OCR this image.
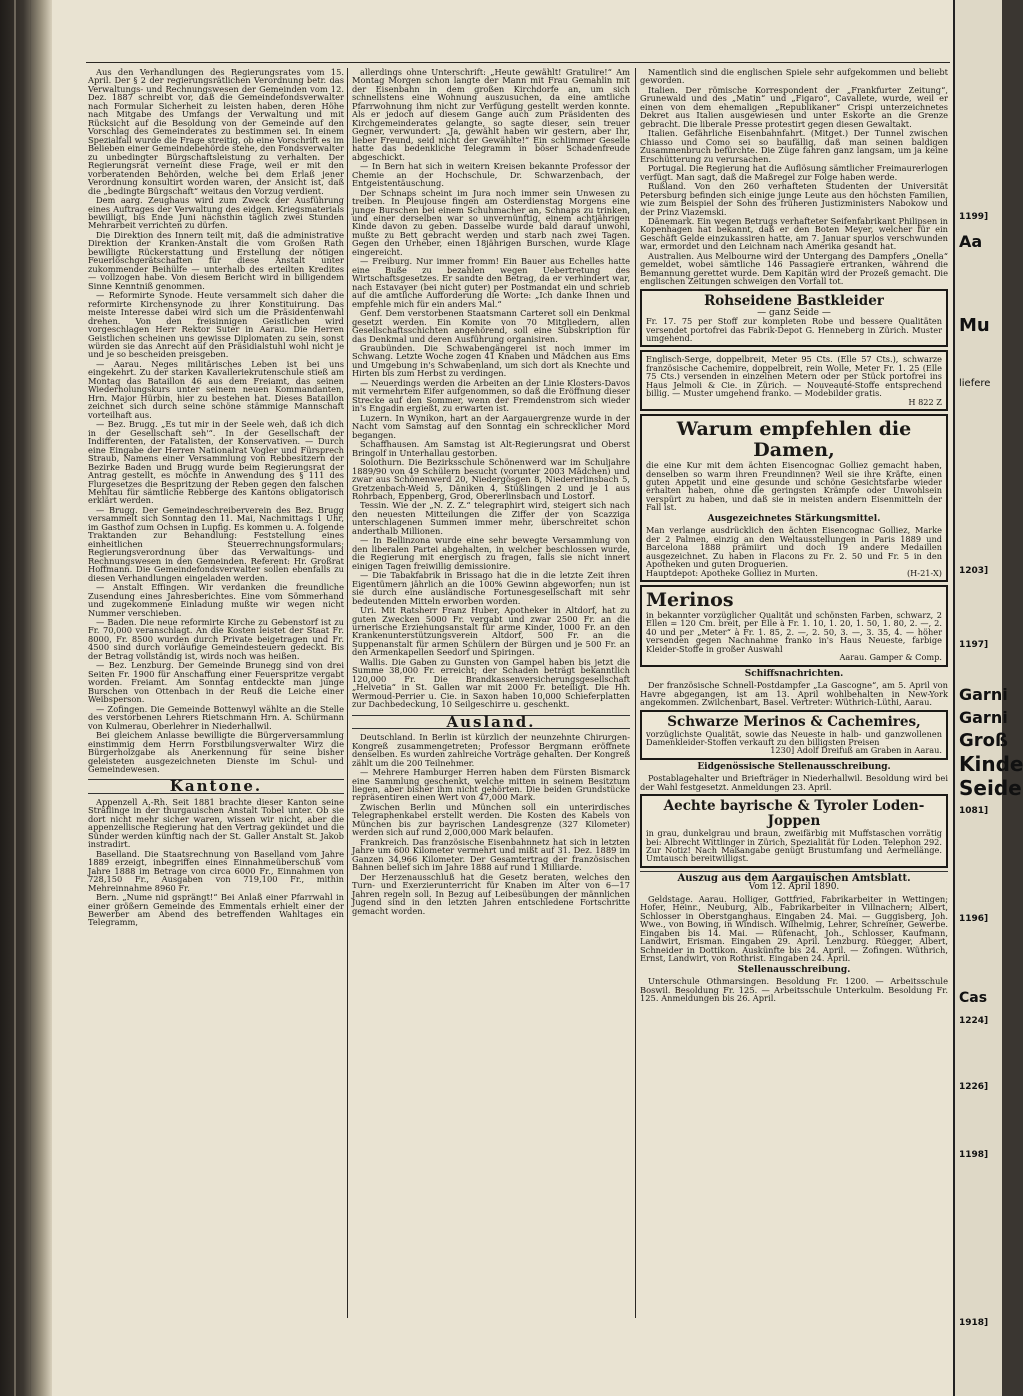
Aus den Verhandlungen des Regierungsrates vom 15. April. Der § 2 der regierungsrätlichen Verordnung betr. das Verwaltungs- und Rechnungswesen der Gemeinden vom 12. Dez. 1887 schreibt vor, daß die Gemeindefondsverwalter nach Formular Sicherheit zu leisten haben, deren Höhe nach Mitgabe des Umfangs der Verwaltung und mit Rücksicht auf die Besoldung von der Gemeinde auf den Vorschlag des Gemeinderates zu bestimmen sei. In einem Spezialfall wurde die Frage streitig, ob eine Vorschrift es im Belieben einer Gemeindebehörde stehe, den Fondsverwalter zu unbedingter Bürgschaftsleistung zu verhalten. Der Regierungsrat verneint diese Frage, weil er mit den vorberatenden Behörden, welche bei dem Erlaß jener Verordnung konsultirt worden waren, der Ansicht ist, daß die „bedingte Bürgschaft“ weitaus den Vorzug verdient.

Dem aarg. Zeughaus wird zum Zweck der Ausführung eines Auftrages der Verwaltung des eidgen. Kriegsmaterials bewilligt, bis Ende Juni nächsthin täglich zwei Stunden Mehrarbeit verrichten zu dürfen.

Die Direktion des Innern teilt mit, daß die administrative Direktion der Kranken-Anstalt die vom Großen Rath bewilligte Rückerstattung und Erstellung der nötigen Feuerlöschgerätschaften für diese Anstalt unter zukommender Beihülfe — unterhalb des erteilten Kredites — vollzogen habe. Von diesem Bericht wird in billigendem Sinne Kenntniß genommen.

— Reformirte Synode. Heute versammelt sich daher die reformirte Kirchensynode zu ihrer Konstituirung. Das meiste Interesse dabei wird sich um die Präsidentenwahl drehen. Von den freisinnigen Geistlichen wird vorgeschlagen Herr Rektor Suter in Aarau. Die Herren Geistlichen scheinen uns gewisse Diplomaten zu sein, sonst würden sie das Anrecht auf den Präsidialstuhl wohl nicht je und je so bescheiden preisgeben.

— Aarau. Neges militärisches Leben ist bei uns eingekehrt. Zu der starken Kavalleriekrutenschule stieß am Montag das Bataillon 46 aus dem Freiamt, das seinen Wiederholungskurs unter seinem neuen Kommandanten, Hrn. Major Hürbin, hier zu bestehen hat. Dieses Bataillon zeichnet sich durch seine schöne stämmige Mannschaft vorteilhaft aus.

— Bez. Brugg. „Es tut mir in der Seele weh, daß ich dich in der Gesellschaft seh'“. In der Gesellschaft der Indifferenten, der Fatalisten, der Konservativen. — Durch eine Eingabe der Herren Nationalrat Vogler und Fürsprech Straub, Namens einer Versammlung von Rebbesitzern der Bezirke Baden und Brugg wurde beim Regierungsrat der Antrag gestellt, es möchte in Anwendung des § 111 des Flurgesetzes die Bespritzung der Reben gegen den falschen Mehltau für sämtliche Rebberge des Kantons obligatorisch erklärt werden.

— Brugg. Der Gemeindeschreiberverein des Bez. Brugg versammelt sich Sonntag den 11. Mai, Nachmittags 1 Uhr, im Gasthof zum Ochsen in Lupfig. Es kommen u. A. folgende Traktanden zur Behandlung: Feststellung eines einheitlichen Steuerrechnungsformulars; Regierungsverordnung über das Verwaltungs- und Rechnungswesen in den Gemeinden. Referent: Hr. Großrat Hoffmann. Die Gemeindefondsverwalter sollen ebenfalls zu diesen Verhandlungen eingeladen werden.

— Anstalt Effingen. Wir verdanken die freundliche Zusendung eines Jahresberichtes. Eine vom Sömmerhand und zugekommene Einladung mußte wir wegen nicht Nummer verschieben.

— Baden. Die neue reformirte Kirche zu Gebenstorf ist zu Fr. 70,000 veranschlagt. An die Kosten leistet der Staat Fr. 8000, Fr. 8500 wurden durch Private beigetragen und Fr. 4500 sind durch vorläufige Gemeindesteuern gedeckt. Bis der Betrag vollständig ist, wirds noch was heißen.

— Bez. Lenzburg. Der Gemeinde Brunegg sind von drei Seiten Fr. 1900 für Anschaffung einer Feuerspritze vergabt worden. Freiamt. Am Sonntag entdeckte man junge Burschen von Ottenbach in der Reuß die Leiche einer Weibsperson.

— Zofingen. Die Gemeinde Bottenwyl wählte an die Stelle des verstorbenen Lehrers Rietschmann Hrn. A. Schürmann von Kulmerau, Oberlehrer in Niederhallwil.

Bei gleichem Anlasse bewilligte die Bürgerversammlung einstimmig dem Herrn Forstbilungsverwalter Wirz die Bürgerholzgabe als Anerkennung für seine bisher geleisteten ausgezeichneten Dienste im Schul- und Gemeindewesen.

Kantone.

Appenzell A.-Rh. Seit 1881 brachte dieser Kanton seine Sträflinge in der thurgauischen Anstalt Tobel unter. Ob sie dort nicht mehr sicher waren, wissen wir nicht, aber die appenzellische Regierung hat den Vertrag gekündet und die Sünder werden künftig nach der St. Galler Anstalt St. Jakob instradirt.

Baselland. Die Staatsrechnung von Baselland vom Jahre 1889 erzeigt, inbegriffen eines Einnahmeüberschuß vom Jahre 1888 im Betrage von circa 6000 Fr., Einnahmen von 728,150 Fr., Ausgaben von 719,100 Fr., mithin Mehreinnahme 8960 Fr.

Bern. „Nume nid gsprängt!“ Bei Anlaß einer Pfarrwahl in einer größern Gemeinde des Emmentals erhielt einer der Bewerber am Abend des betreffenden Wahltages ein Telegramm,

allerdings ohne Unterschrift: „Heute gewählt! Gratulire!“ Am Montag Morgen schon langte der Mann mit Frau Gemahlin mit der Eisenbahn in dem großen Kirchdorfe an, um sich schnellstens eine Wohnung auszusuchen, da eine amtliche Pfarrwohnung ihm nicht zur Verfügung gestellt werden konnte. Als er jedoch auf diesem Gange auch zum Präsidenten des Kirchgemeinderates gelangte, so sagte dieser, sein treuer Gegner, verwundert: „Ja, gewählt haben wir gestern, aber Ihr, lieber Freund, seid nicht der Gewählte!“ Ein schlimmer Geselle hatte das bedenkliche Telegramm in böser Schadenfreude abgeschickt.

— In Bern hat sich in weitern Kreisen bekannte Professor der Chemie an der Hochschule, Dr. Schwarzenbach, der Entgeistentäuschung.

Der Schnaps scheint im Jura noch immer sein Unwesen zu treiben. In Pleujouse fingen am Osterdienstag Morgens eine junge Burschen bei einem Schuhmacher an, Schnaps zu trinken, und einer derselben war so unvernünftig, einem achtjährigen Kinde davon zu geben. Dasselbe wurde bald darauf unwohl, mußte zu Bett gebracht werden und starb nach zwei Tagen. Gegen den Urheber, einen 18jährigen Burschen, wurde Klage eingereicht.

— Freiburg. Nur immer fromm! Ein Bauer aus Echelles hatte eine Buße zu bezahlen wegen Uebertretung des Wirtschaftsgesetzes. Er sandte den Betrag, da er verhindert war, nach Estavayer (bei nicht guter) per Postmandat ein und schrieb auf die amtliche Aufforderung die Worte: „Ich danke Ihnen und empfehle mich für ein anders Mal.“

Genf. Dem verstorbenen Staatsmann Carteret soll ein Denkmal gesetzt werden. Ein Komite von 70 Mitgliedern, allen Gesellschaftsschichten angehörend, soll eine Subskription für das Denkmal und deren Ausführung organisiren.

Graubünden. Die Schwabengängerei ist noch immer im Schwang. Letzte Woche zogen 41 Knaben und Mädchen aus Ems und Umgebung in's Schwabenland, um sich dort als Knechte und Hirten bis zum Herbst zu verdingen.

— Neuerdings werden die Arbeiten an der Linie Klosters-Davos mit vermehrtem Eifer aufgenommen, so daß die Eröffnung dieser Strecke auf den Sommer, wenn der Fremdenstrom sich wieder in's Engadin ergießt, zu erwarten ist.

Luzern. In Wynikon, hart an der Aargauergrenze wurde in der Nacht vom Samstag auf den Sonntag ein schrecklicher Mord begangen.

Schaffhausen. Am Samstag ist Alt-Regierungsrat und Oberst Bringolf in Unterhallau gestorben.

Solothurn. Die Bezirksschule Schönenwerd war im Schuljahre 1889/90 von 49 Schülern besucht (vorunter 2003 Mädchen) und zwar aus Schönenwerd 20, Niedergösgen 8, Niedererlinsbach 5, Gretzenbach-Weid 5, Däniken 4, Stüßlingen 2 und je 1 aus Rohrbach, Eppenberg, Grod, Obererlinsbach und Lostorf.

Tessin. Wie der „N. Z. Z.“ telegraphirt wird, steigert sich nach den neuesten Mitteilungen die Ziffer der von Scazziga unterschlagenen Summen immer mehr, überschreitet schon anderthalb Millionen.

— In Bellinzona wurde eine sehr bewegte Versammlung von den liberalen Partei abgehalten, in welcher beschlossen wurde, die Regierung mit energisch zu fragen, falls sie nicht innert einigen Tagen freiwillig demissionire.

— Die Tabakfabrik in Brissago hat die in die letzte Zeit ihren Eigentümern jährlich an die 100% Gewinn abgeworfen; nun ist sie durch eine ausländische Fortunesgesellschaft mit sehr bedeutenden Mitteln erworben worden.

Uri. Mit Ratsherr Franz Huber, Apotheker in Altdorf, hat zu guten Zwecken 5000 Fr. vergabt und zwar 2500 Fr. an die urnerische Erziehungsanstalt für arme Kinder, 1000 Fr. an den Krankenunterstützungsverein Altdorf, 500 Fr. an die Suppenanstalt für armen Schülern der Bürgen und je 500 Fr. an den Armenkapellen Seedorf und Spiringen.

Wallis. Die Gaben zu Gunsten von Gampel haben bis jetzt die Summe 38,000 Fr. erreicht; der Schaden beträgt bekanntlich 120,000 Fr. Die Brandkassenversicherungsgesellschaft „Helvetia“ in St. Gallen war mit 2000 Fr. beteiligt. Die Hh. Wermoud-Perrier u. Cie. in Saxon haben 10,000 Schieferplatten zur Dachbedeckung, 10 Seilgeschirre u. geschenkt.

Ausland.

Deutschland. In Berlin ist kürzlich der neunzehnte Chirurgen-Kongreß zusammengetreten; Professor Bergmann eröffnete denselben. Es wurden zahlreiche Vorträge gehalten. Der Kongreß zählt um die 200 Teilnehmer.

— Mehrere Hamburger Herren haben dem Fürsten Bismarck eine Sammlung geschenkt, welche mitten in seinem Besitztum liegen, aber bisher ihm nicht gehörten. Die beiden Grundstücke repräsentiren einen Wert von 47,000 Mark.

Zwischen Berlin und München soll ein unterirdisches Telegraphenkabel erstellt werden. Die Kosten des Kabels von München bis zur bayrischen Landesgrenze (327 Kilometer) werden sich auf rund 2,000,000 Mark belaufen.

Frankreich. Das französische Eisenbahnnetz hat sich in letzten Jahre um 600 Kilometer vermehrt und mißt auf 31. Dez. 1889 im Ganzen 34,966 Kilometer. Der Gesamtertrag der französischen Bahnen belief sich im Jahre 1888 auf rund 1 Milliarde.

Der Herzenausschluß hat die Gesetz beraten, welches den Turn- und Exerzierunterricht für Knaben im Alter von 6—17 Jahren regeln soll. In Bezug auf Leibesübungen der männlichen Jugend sind in den letzten Jahren entschiedene Fortschritte gemacht worden.

Namentlich sind die englischen Spiele sehr aufgekommen und beliebt geworden.

Italien. Der römische Korrespondent der „Frankfurter Zeitung“, Grunewald und des „Matin“ und „Figaro“, Cavallete, wurde, weil er einen von dem ehemaligen „Republikaner“ Crispi unterzeichnetes Dekret aus Italien ausgewiesen und unter Eskorte an die Grenze gebracht. Die liberale Presse protestirt gegen diesen Gewaltakt.

Italien. Gefährliche Eisenbahnfahrt. (Mitget.) Der Tunnel zwischen Chiasso und Como sei so baufällig, daß man seinen baldigen Zusammenbruch befürchte. Die Züge fahren ganz langsam, um ja keine Erschütterung zu verursachen.

Portugal. Die Regierung hat die Auflösung sämtlicher Freimaurerlogen verfügt. Man sagt, daß die Maßregel zur Folge haben werde.

Rußland. Von den 260 verhafteten Studenten der Universität Petersburg befinden sich einige junge Leute aus den höchsten Familien, wie zum Beispiel der Sohn des früheren Justizministers Nabokow und der Prinz Viazemski.

Dänemark. Ein wegen Betrugs verhafteter Seifenfabrikant Philipsen in Kopenhagen hat bekannt, daß er den Boten Meyer, welcher für ein Geschäft Gelde einzukassiren hatte, am 7. Januar spurlos verschwunden war, ermordet und den Leichnam nach Amerika gesandt hat.

Australien. Aus Melbourne wird der Untergang des Dampfers „Onella“ gemeldet, wobei sämtliche 146 Passagiere ertranken, während die Bemannung gerettet wurde. Dem Kapitän wird der Prozeß gemacht. Die englischen Zeitungen schweigen den Vorfall tot.

Rohseidene Bastkleider
— ganz Seide —
Fr. 17. 75 per Stoff zur kompleten Robe und bessere Qualitäten versendet portofrei das Fabrik-Depot G. Henneberg in Zürich. Muster umgehend.
Englisch-Serge, doppelbreit, Meter 95 Cts. (Elle 57 Cts.), schwarze französische Cachemire, doppelbreit, rein Wolle, Meter Fr. 1. 25 (Elle 75 Cts.) versenden in einzelnen Metern oder per Stück portofrei ins Haus Jelmoli & Cie. in Zürich. — Nouveauté-Stoffe entsprechend billig. — Muster umgehend franko. — Modebilder gratis.
H 822 Z
Warum empfehlen die Damen,
die eine Kur mit dem ächten Eisencognac Golliez gemacht haben, denselben so warm ihren Freundinnen? Weil sie ihre Kräfte, einen guten Appetit und eine gesunde und schöne Gesichtsfarbe wieder erhalten haben, ohne die geringsten Krämpfe oder Unwohlsein verspürt zu haben, und daß sie in meisten andern Eisenmitteln der Fall ist.
Ausgezeichnetes Stärkungsmittel.
Man verlange ausdrücklich den ächten Eisencognac Golliez, Marke der 2 Palmen, einzig an den Weltausstellungen in Paris 1889 und Barcelona 1888 prämiirt und doch 19 andere Medaillen ausgezeichnet. Zu haben in Flacons zu Fr. 2. 50 und Fr. 5 in den Apotheken und guten Droguerien.
Hauptdepot: Apotheke Golliez in Murten.	(H-21-X)
Merinos
in bekannter vorzüglicher Qualität und schönsten Farben, schwarz, 2 Ellen = 120 Cm. breit, per Elle à Fr. 1. 10, 1. 20, 1. 50, 1. 80, 2. —, 2. 40 und per „Meter“ à Fr. 1. 85, 2. —, 2. 50, 3. —, 3. 35, 4. — höher versenden gegen Nachnahme franko in's Haus Neueste, farbige Kleider-Stoffe in großer Auswahl
Aarau. Gamper & Comp.
Schiffsnachrichten.

Der französische Schnell-Postdampfer „La Gascogne“, am 5. April von Havre abgegangen, ist am 13. April wohlbehalten in New-York angekommen. Zwilchenbart, Basel. Vertreter: Wüthrich-Lüthi, Aarau.

Schwarze Merinos & Cachemires,
vorzüglichste Qualität, sowie das Neueste in halb- und ganzwollenen Damenkleider-Stoffen verkauft zu den billigsten Preisen
1230] Adolf Dreifuß am Graben in Aarau.
Eidgenössische Stellenausschreibung.

Postablagehalter und Briefträger in Niederhallwil. Besoldung wird bei der Wahl festgesetzt. Anmeldungen 23. April.

Aechte bayrische & Tyroler Loden-Joppen
in grau, dunkelgrau und braun, zweifärbig mit Muffstaschen vorrätig bei: Albrecht Wittlinger in Zürich, Spezialität für Loden. Telephon 292. Zur Notiz! Nach Maßangabe genügt Brustumfang und Aermellänge. Umtausch bereitwilligst.
Auszug aus dem Aargauischen Amtsblatt.
Vom 12. April 1890.

Geldstage. Aarau. Holliger, Gottfried, Fabrikarbeiter in Wettingen; Hofer, Heinr., Neuburg, Alb., Fabrikarbeiter in Villnachern; Albert, Schlosser in Oberstganghaus. Eingaben 24. Mai. — Guggisberg, Joh. Wwe., von Bowing, in Windisch. Wilhelmig, Lehrer, Schreiner, Gewerbe. Eingaben bis 14. Mai. — Rüfenacht, Joh., Schlosser, Kaufmann, Landwirt, Erisman. Eingaben 29. April. Lenzburg. Rüegger, Albert, Schneider in Dottikon. Auskünfte bis 24. April. — Zofingen. Wüthrich, Ernst, Landwirt, von Rothrist. Eingaben 24. April.

Stellenausschreibung.

Unterschule Othmarsingen. Besoldung Fr. 1200. — Arbeitsschule Boswil. Besoldung Fr. 125. — Arbeitsschule Unterkulm. Besoldung Fr. 125. Anmeldungen bis 26. April.

1199]
Aa
Mu
liefere
1203]
1197]
Garni
Garni
Groß
Kinde
Seide
1081]
1196]
1224]
1226]
1198]
Cas
1918]
